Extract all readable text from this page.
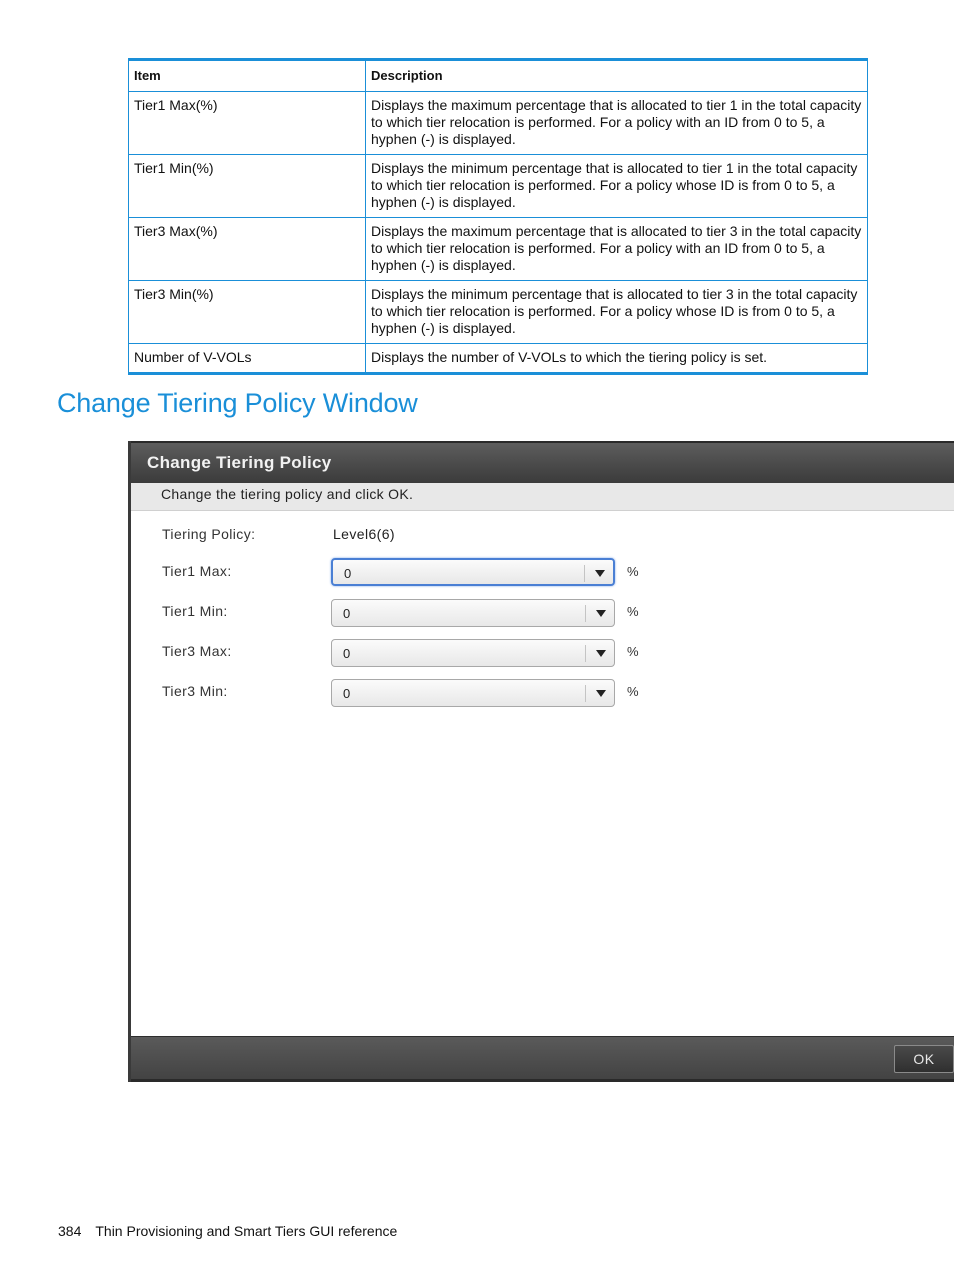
Item	Description
Tier1 Max(%)	Displays the maximum percentage that is allocated to tier 1 in the total capacity to which tier relocation is performed. For a policy with an ID from 0 to 5, a hyphen (-) is displayed.
Tier1 Min(%)	Displays the minimum percentage that is allocated to tier 1 in the total capacity to which tier relocation is performed. For a policy whose ID is from 0 to 5, a hyphen (-) is displayed.
Tier3 Max(%)	Displays the maximum percentage that is allocated to tier 3 in the total capacity to which tier relocation is performed. For a policy with an ID from 0 to 5, a hyphen (-) is displayed.
Tier3 Min(%)	Displays the minimum percentage that is allocated to tier 3 in the total capacity to which tier relocation is performed. For a policy whose ID is from 0 to 5, a hyphen (-) is displayed.
Number of V-VOLs	Displays the number of V-VOLs to which the tiering policy is set.
Change Tiering Policy Window
Change Tiering Policy
Change the tiering policy and click OK.
Tiering Policy:	Level6(6)
Tier1 Max:	0	%
Tier1 Min:	0	%
Tier3 Max:	0	%
Tier3 Min:	0	%
OK
384 Thin Provisioning and Smart Tiers GUI reference
